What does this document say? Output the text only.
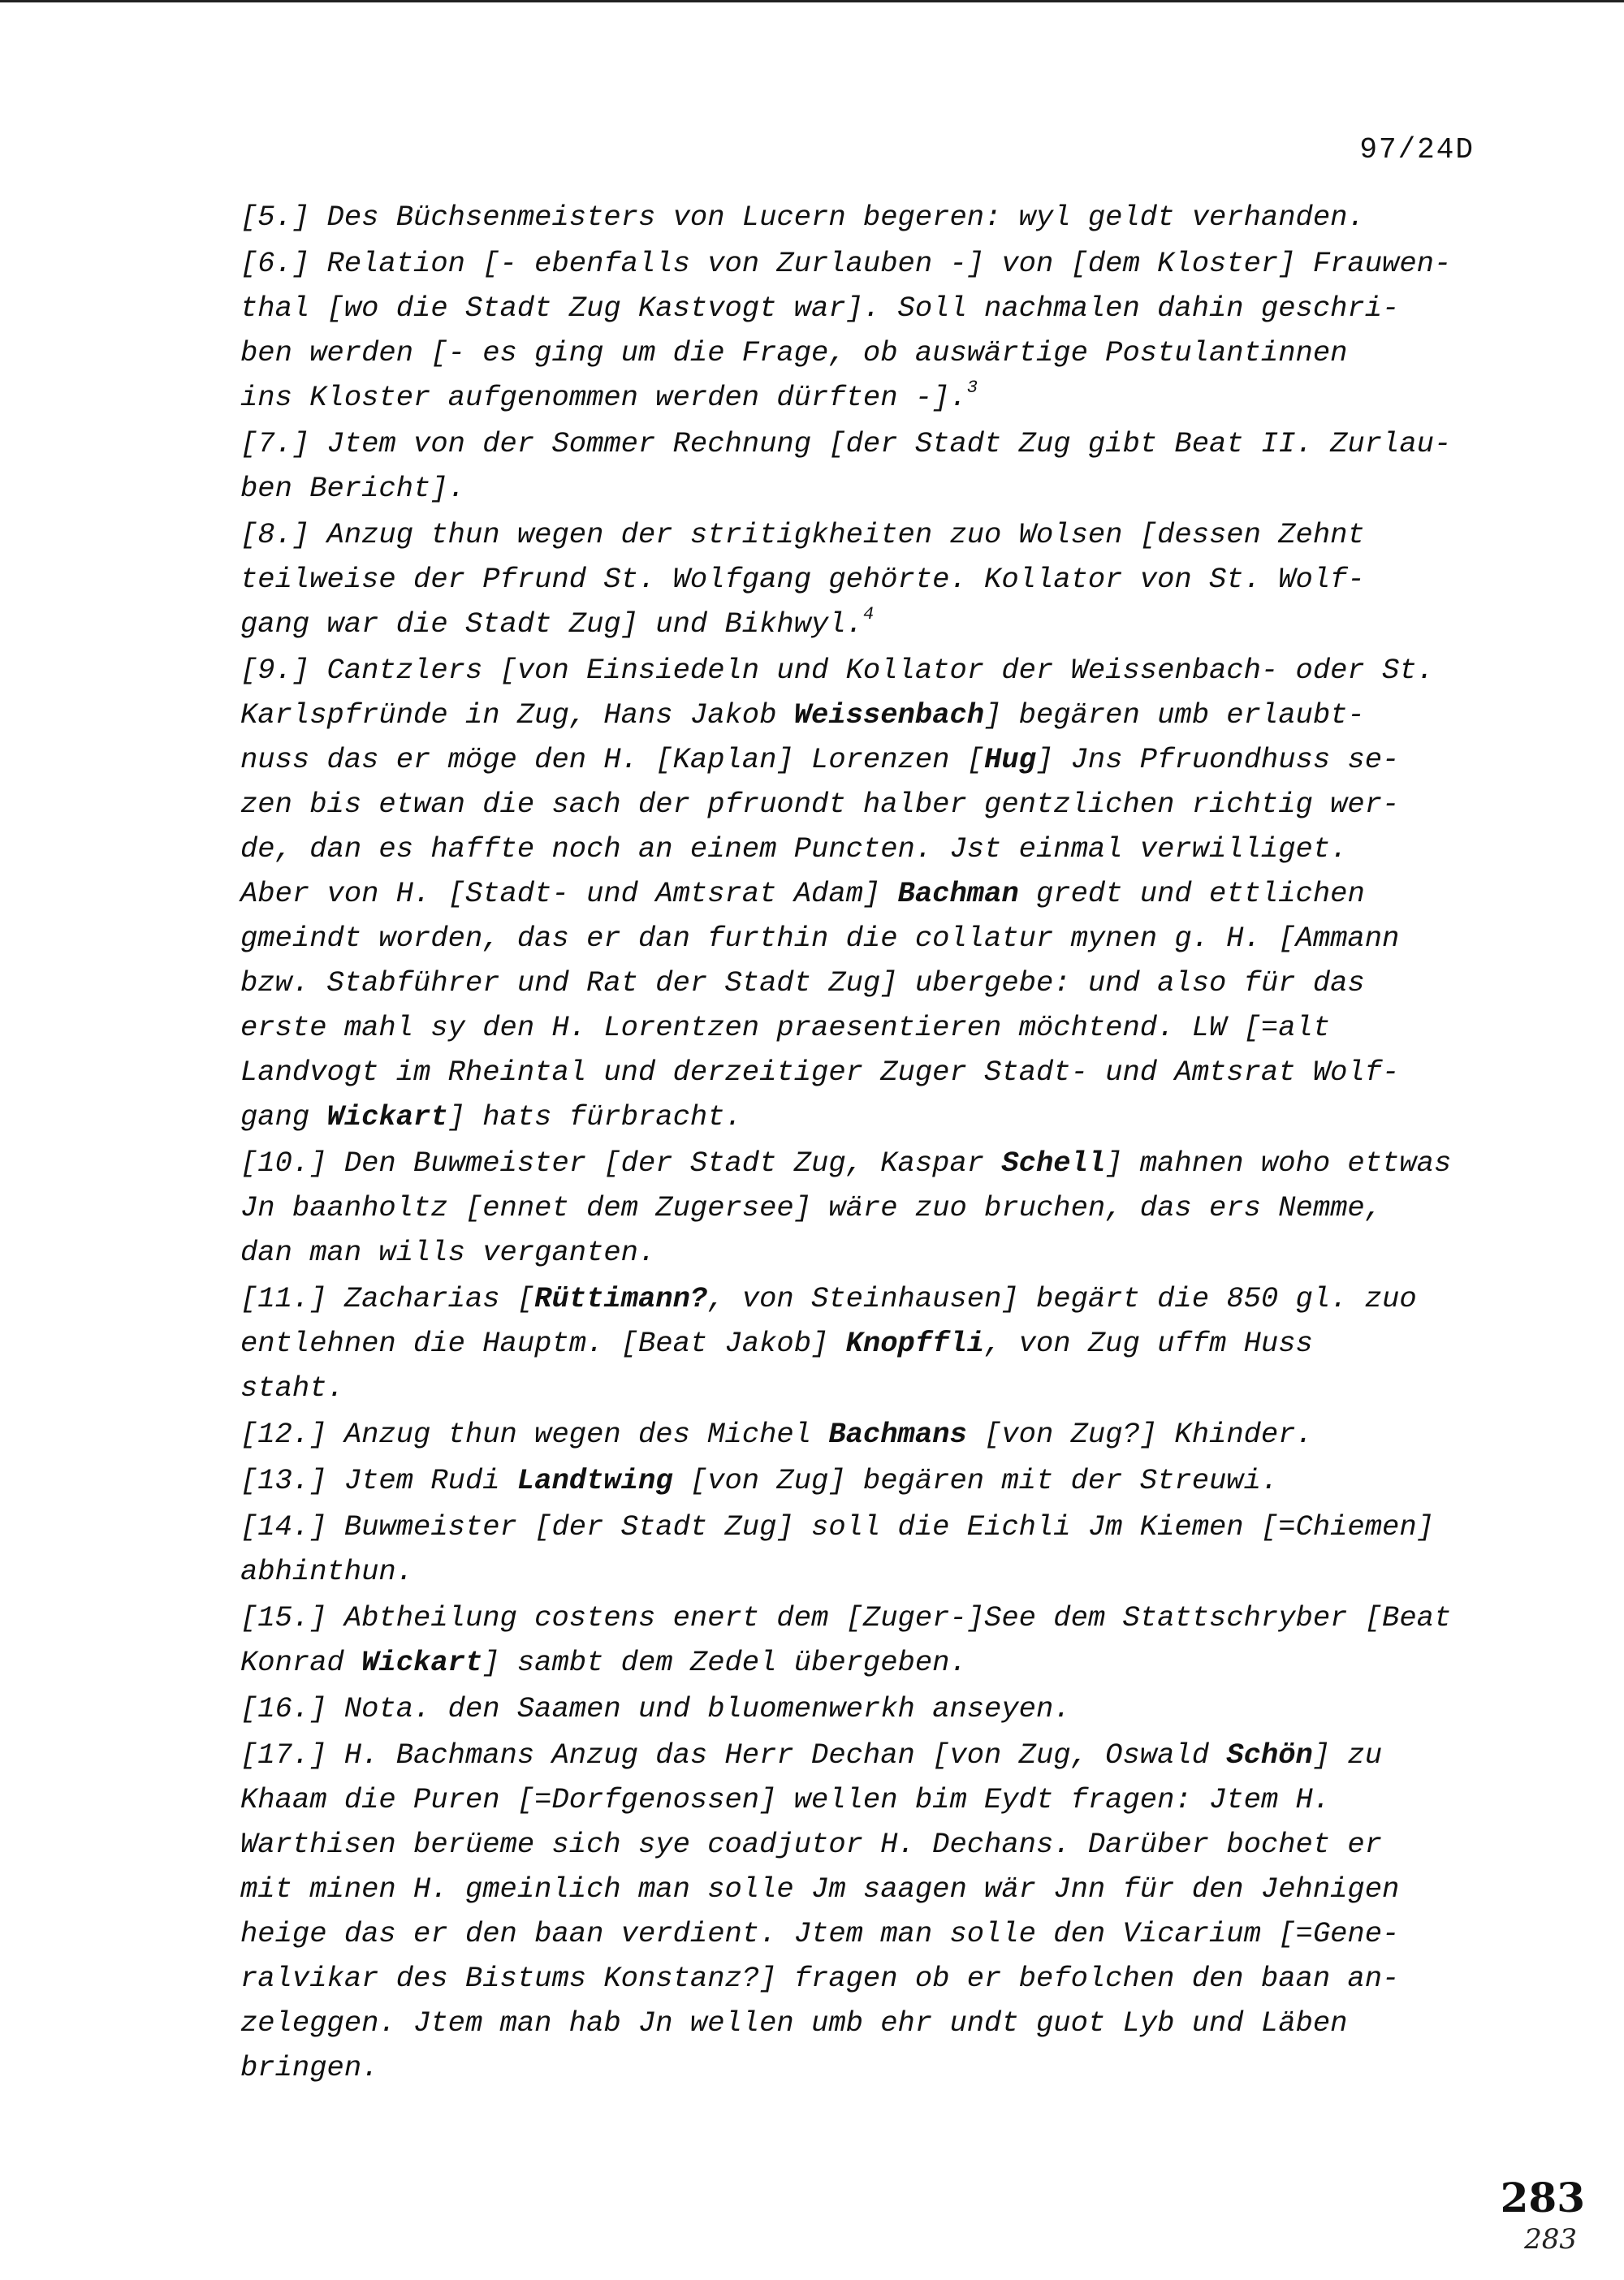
97/24D
[5.] Des Büchsenmeisters von Lucern begeren: wyl geldt verhanden.
[6.] Relation [- ebenfalls von Zurlauben -] von [dem Kloster] Frauwen-
thal [wo die Stadt Zug Kastvogt war]. Soll nachmalen dahin geschri-
ben werden [- es ging um die Frage, ob auswärtige Postulantinnen
ins Kloster aufgenommen werden dürften -].$^3$
[7.] Jtem von der Sommer Rechnung [der Stadt Zug gibt Beat II. Zurlau-
ben Bericht].
[8.] Anzug thun wegen der stritigkheiten zuo Wolsen [dessen Zehnt
teilweise der Pfrund St. Wolfgang gehörte. Kollator von St. Wolf-
gang war die Stadt Zug] und Bikhwyl.$^4$
[9.] Cantzlers [von Einsiedeln und Kollator der Weissenbach- oder St.
Karlspfründe in Zug, Hans Jakob Weissenbach] begären umb erlaubt-
nuss das er möge den H. [Kaplan] Lorenzen [Hug] Jns Pfruondhuss se-
zen bis etwan die sach der pfruondt halber gentzlichen richtig wer-
de, dan es haffte noch an einem Puncten. Jst einmal verwilliget.
Aber von H. [Stadt- und Amtsrat Adam] Bachman gredt und ettlichen
gmeindt worden, das er dan furthin die collatur mynen g. H. [Ammann
bzw. Stabführer und Rat der Stadt Zug] ubergebe: und also für das
erste mahl sy den H. Lorentzen praesentieren möchtend. LW [=alt
Landvogt im Rheintal und derzeitiger Zuger Stadt- und Amtsrat Wolf-
gang Wickart] hats fürbracht.
[10.] Den Buwmeister [der Stadt Zug, Kaspar Schell] mahnen woho ettwas
Jn baanholtz [ennet dem Zugersee] wäre zuo bruchen, das ers Nemme,
dan man wills verganten.
[11.] Zacharias [Rüttimann?, von Steinhausen] begärt die 850 gl. zuo
entlehnen die Hauptm. [Beat Jakob] Knopffli, von Zug uffm Huss
staht.
[12.] Anzug thun wegen des Michel Bachmans [von Zug?] Khinder.
[13.] Jtem Rudi Landtwing [von Zug] begären mit der Streuwi.
[14.] Buwmeister [der Stadt Zug] soll die Eichli Jm Kiemen [=Chiemen]
abhinthun.
[15.] Abtheilung costens enert dem [Zuger-]See dem Stattschryber [Beat
Konrad Wickart] sambt dem Zedel übergeben.
[16.] Nota. den Saamen und bluomenwerkh anseyen.
[17.] H. Bachmans Anzug das Herr Dechan [von Zug, Oswald Schön] zu
Khaam die Puren [=Dorfgenossen] wellen bim Eydt fragen: Jtem H.
Warthisen berüeme sich sye coadjutor H. Dechans. Darüber bochet er
mit minen H. gmeinlich man solle Jm saagen wär Jnn für den Jehnigen
heige das er den baan verdient. Jtem man solle den Vicarium [=Gene-
ralvikar des Bistums Konstanz?] fragen ob er befolchen den baan an-
zeleggen. Jtem man hab Jn wellen umb ehr undt guot Lyb und Läben
bringen.
283
283
